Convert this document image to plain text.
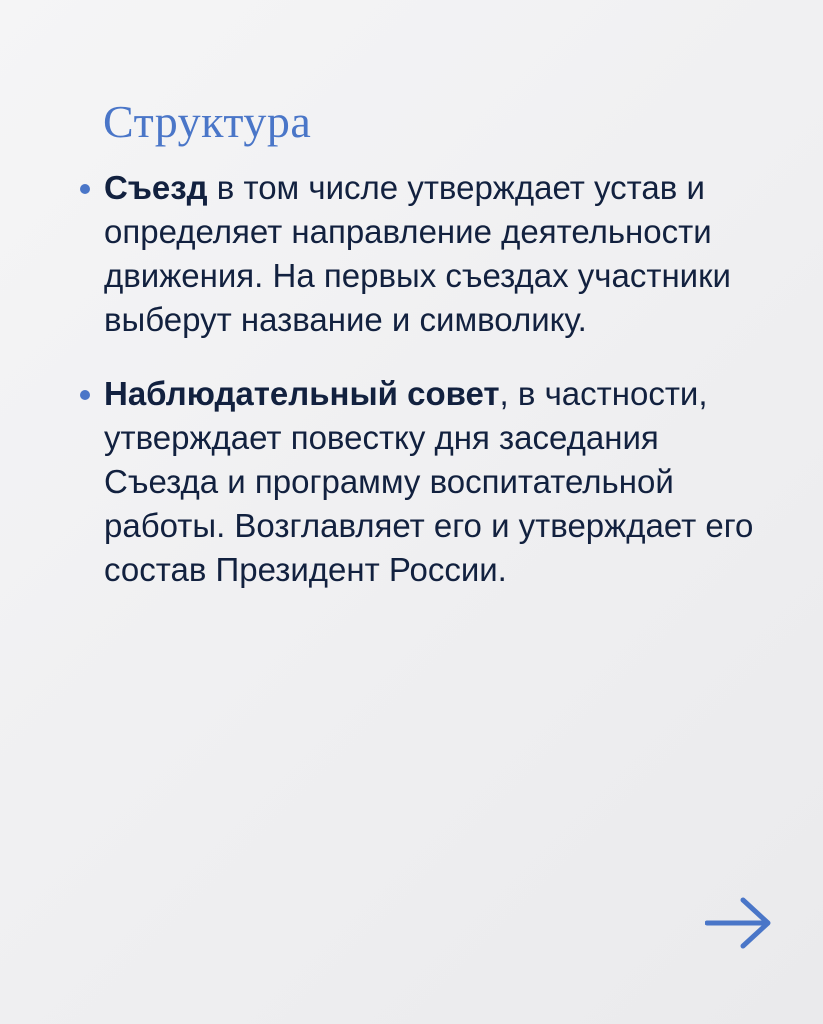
Структура
Съезд в том числе утверждает устав и определяет направление деятельности движения. На первых съездах участники выберут название и символику.
Наблюдательный совет, в частности, утверждает повестку дня заседания Съезда и программу воспитательной работы. Возглавляет его и утверждает его состав Президент России.
